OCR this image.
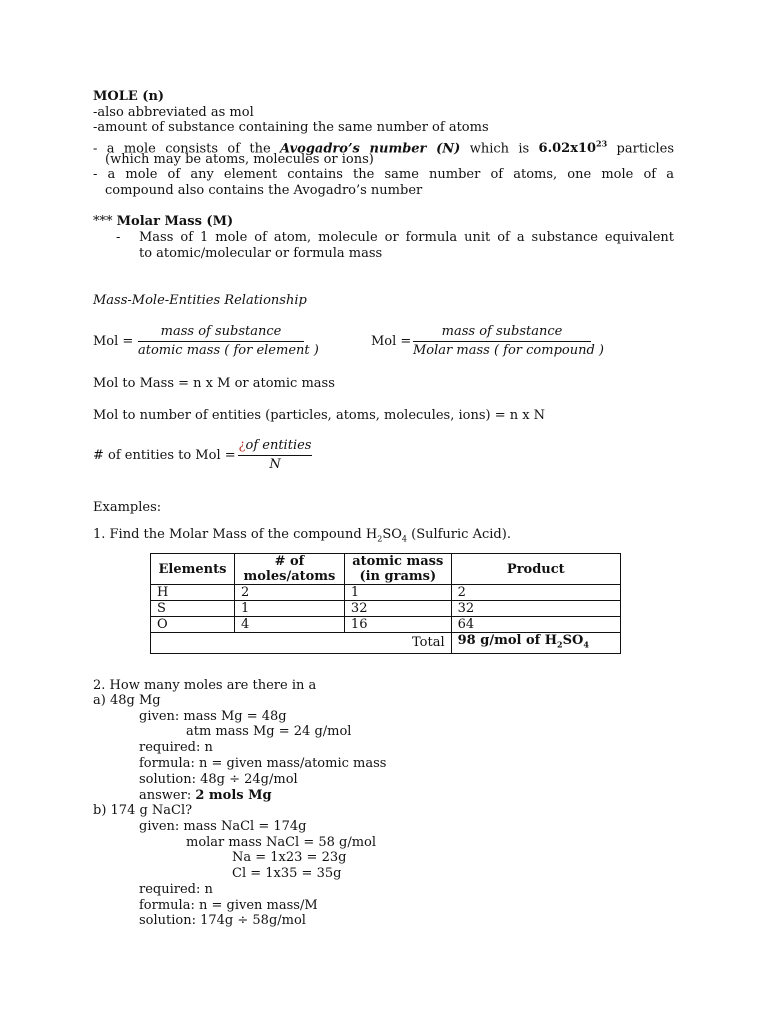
MOLE (n)
-also abbreviated as mol
-amount of substance containing the same number of atoms
- a mole consists of the Avogadro’s number (N) which is $6.02x10^{23}$ particles
(which may be atoms, molecules or ions)
- a mole of any element contains the same number of atoms, one mole of a
compound also contains the Avogadro’s number
*** Molar Mass (M)
- Mass of 1 mole of atom, molecule or formula unit of a substance equivalent
to atomic/molecular or formula mass
Mass-Mole-Entities Relationship
Mol =
mass of substance
atomic mass ( for element )
Mol =
mass of substance
Molar mass ( for compound )
Mol to Mass = n x M or atomic mass
Mol to number of entities (particles, atoms, molecules, ions) = n x N
# of entities to Mol =
¿of entities
N
Examples:
1. Find the Molar Mass of the compound $H_2SO_4$ (Sulfuric Acid).
Elements	# of moles/atoms	atomic mass (in grams)	Product
H	2	1	2
S	1	32	32
O	4	16	64
		Total	98 g/mol of $H_2SO_4$
2. How many moles are there in a
a) 48g Mg
given: mass Mg = 48g
atm mass Mg = 24 g/mol
required: n
formula: n = given mass/atomic mass
solution: 48g ÷ 24g/mol
answer: 2 mols Mg
b) 174 g NaCl?
given: mass NaCl = 174g
molar mass NaCl = 58 g/mol
Na = 1x23 = 23g
Cl = 1x35 = 35g
required: n
formula: n = given mass/M
solution: 174g ÷ 58g/mol
